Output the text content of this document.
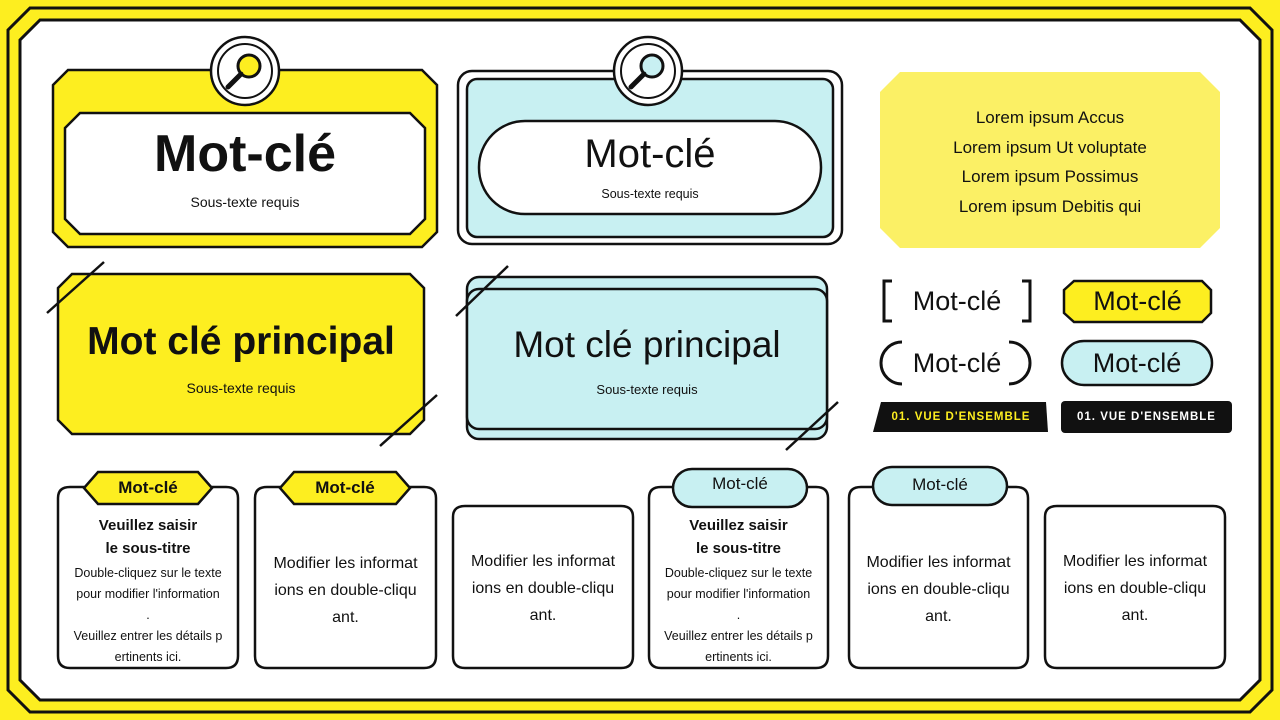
Mot-clé
Sous-texte requis
Mot-clé
Sous-texte requis
Lorem ipsum Accus
Lorem ipsum Ut voluptate
Lorem ipsum Possimus
Lorem ipsum Debitis qui
Mot clé principal
Sous-texte requis
Mot clé principal
Sous-texte requis
Mot-clé	Mot-clé
Mot-clé	Mot-clé
01. VUE D'ENSEMBLE	01. VUE D'ENSEMBLE
Mot-clé
Veuillez saisir
le sous-titre
Double-cliquez sur le texte
pour modifier l'information
.
Veuillez entrer les détails p
ertinents ici.
Mot-clé
Modifier les informat
ions en double-cliqu
ant.
Modifier les informat
ions en double-cliqu
ant.
Mot-clé
Veuillez saisir
le sous-titre
Double-cliquez sur le texte
pour modifier l'information
.
Veuillez entrer les détails p
ertinents ici.
Mot-clé
Modifier les informat
ions en double-cliqu
ant.
Modifier les informat
ions en double-cliqu
ant.
